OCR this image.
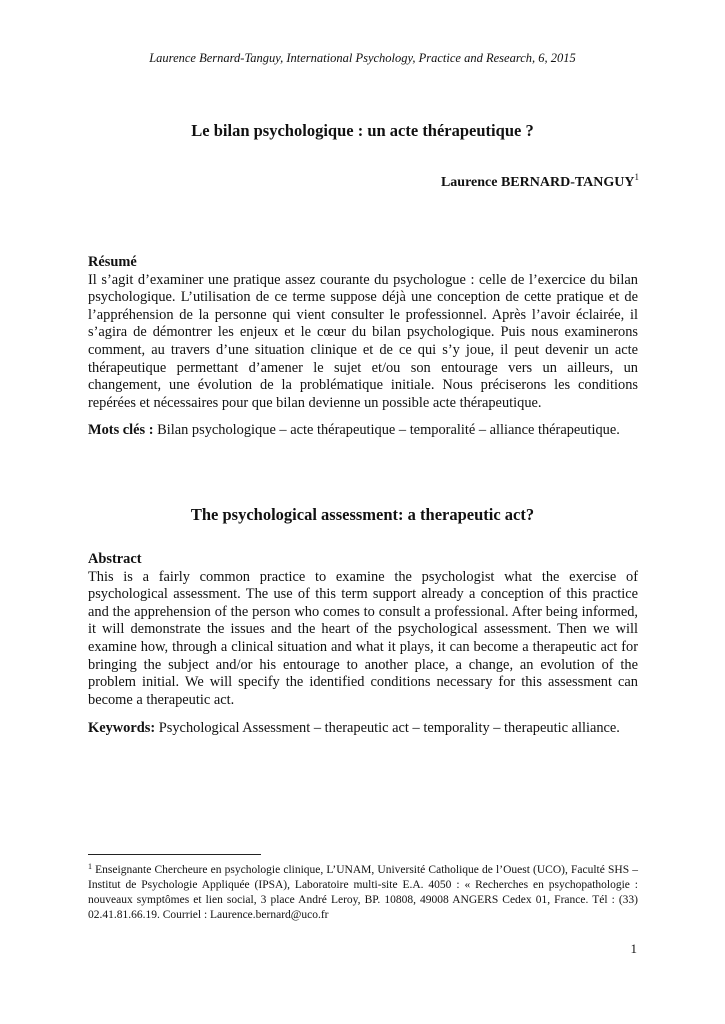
Laurence Bernard-Tanguy, International Psychology, Practice and Research, 6, 2015
Le bilan psychologique : un acte thérapeutique ?
Laurence BERNARD-TANGUY$^1$
Résumé
Il s’agit d’examiner une pratique assez courante du psychologue : celle de l’exercice du bilan psychologique. L’utilisation de ce terme suppose déjà une conception de cette pratique et de l’appréhension de la personne qui vient consulter le professionnel. Après l’avoir éclairée, il s’agira de démontrer les enjeux et le cœur du bilan psychologique. Puis nous examinerons comment, au travers d’une situation clinique et de ce qui s’y joue, il peut devenir un acte thérapeutique permettant d’amener le sujet et/ou son entourage vers un ailleurs, un changement, une évolution de la problématique initiale. Nous préciserons les conditions repérées et nécessaires pour que bilan devienne un possible acte thérapeutique.
Mots clés : Bilan psychologique – acte thérapeutique – temporalité – alliance thérapeutique.
The psychological assessment: a therapeutic act?
Abstract
This is a fairly common practice to examine the psychologist what the exercise of psychological assessment. The use of this term support already a conception of this practice and the apprehension of the person who comes to consult a professional. After being informed, it will demonstrate the issues and the heart of the psychological assessment. Then we will examine how, through a clinical situation and what it plays, it can become a therapeutic act for bringing the subject and/or his entourage to another place, a change, an evolution of the problem initial. We will specify the identified conditions necessary for this assessment can become a therapeutic act.
Keywords: Psychological Assessment – therapeutic act – temporality – therapeutic alliance.
$^1$ Enseignante Chercheure en psychologie clinique, L’UNAM, Université Catholique de l’Ouest (UCO), Faculté SHS – Institut de Psychologie Appliquée (IPSA), Laboratoire multi-site E.A. 4050 : « Recherches en psychopathologie : nouveaux symptômes et lien social, 3 place André Leroy, BP. 10808, 49008 ANGERS Cedex 01, France. Tél : (33) 02.41.81.66.19. Courriel : Laurence.bernard@uco.fr
1
